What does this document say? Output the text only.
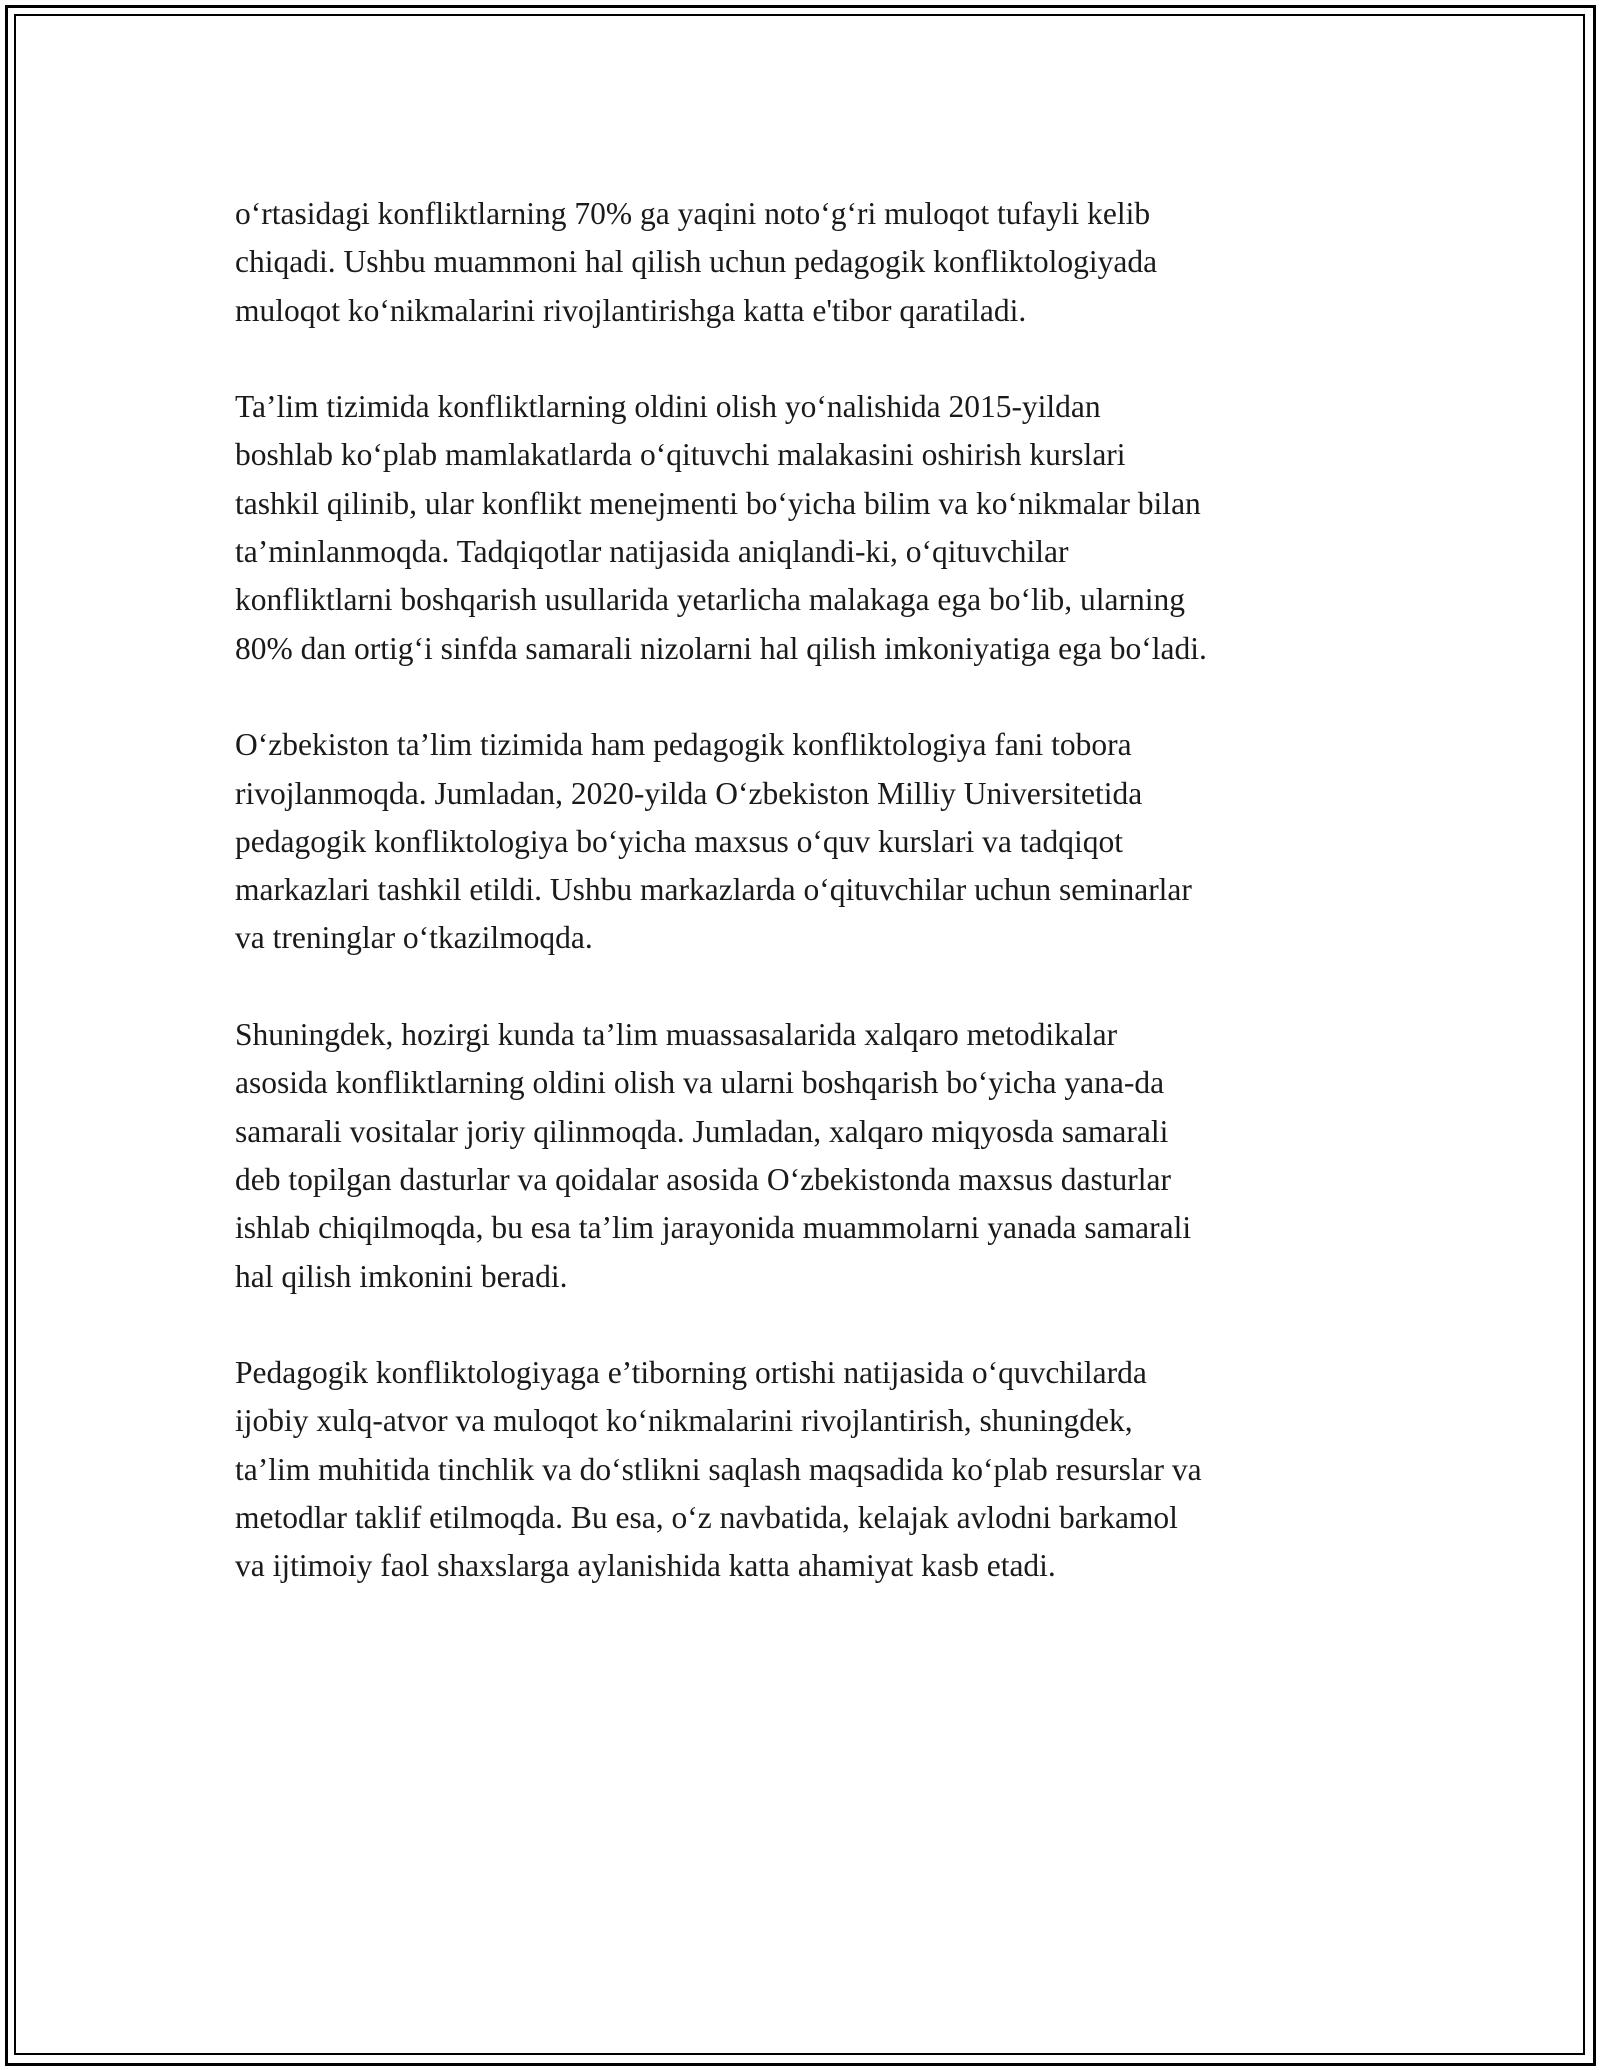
o‘rtasidagi konfliktlarning 70% ga yaqini noto‘g‘ri muloqot tufayli kelib
chiqadi. Ushbu muammoni hal qilish uchun pedagogik konfliktologiyada
muloqot ko‘nikmalarini rivojlantirishga katta e'tibor qaratiladi.

Ta’lim tizimida konfliktlarning oldini olish yo‘nalishida 2015-yildan
boshlab ko‘plab mamlakatlarda o‘qituvchi malakasini oshirish kurslari
tashkil qilinib, ular konflikt menejmenti bo‘yicha bilim va ko‘nikmalar bilan
ta’minlanmoqda. Tadqiqotlar natijasida aniqlandi-ki, o‘qituvchilar
konfliktlarni boshqarish usullarida yetarlicha malakaga ega bo‘lib, ularning
80% dan ortig‘i sinfda samarali nizolarni hal qilish imkoniyatiga ega bo‘ladi.

O‘zbekiston ta’lim tizimida ham pedagogik konfliktologiya fani tobora
rivojlanmoqda. Jumladan, 2020-yilda O‘zbekiston Milliy Universitetida
pedagogik konfliktologiya bo‘yicha maxsus o‘quv kurslari va tadqiqot
markazlari tashkil etildi. Ushbu markazlarda o‘qituvchilar uchun seminarlar
va treninglar o‘tkazilmoqda.

Shuningdek, hozirgi kunda ta’lim muassasalarida xalqaro metodikalar
asosida konfliktlarning oldini olish va ularni boshqarish bo‘yicha yana-da
samarali vositalar joriy qilinmoqda. Jumladan, xalqaro miqyosda samarali
deb topilgan dasturlar va qoidalar asosida O‘zbekistonda maxsus dasturlar
ishlab chiqilmoqda, bu esa ta’lim jarayonida muammolarni yanada samarali
hal qilish imkonini beradi.

Pedagogik konfliktologiyaga e’tiborning ortishi natijasida o‘quvchilarda
ijobiy xulq-atvor va muloqot ko‘nikmalarini rivojlantirish, shuningdek,
ta’lim muhitida tinchlik va do‘stlikni saqlash maqsadida ko‘plab resurslar va
metodlar taklif etilmoqda. Bu esa, o‘z navbatida, kelajak avlodni barkamol
va ijtimoiy faol shaxslarga aylanishida katta ahamiyat kasb etadi.
